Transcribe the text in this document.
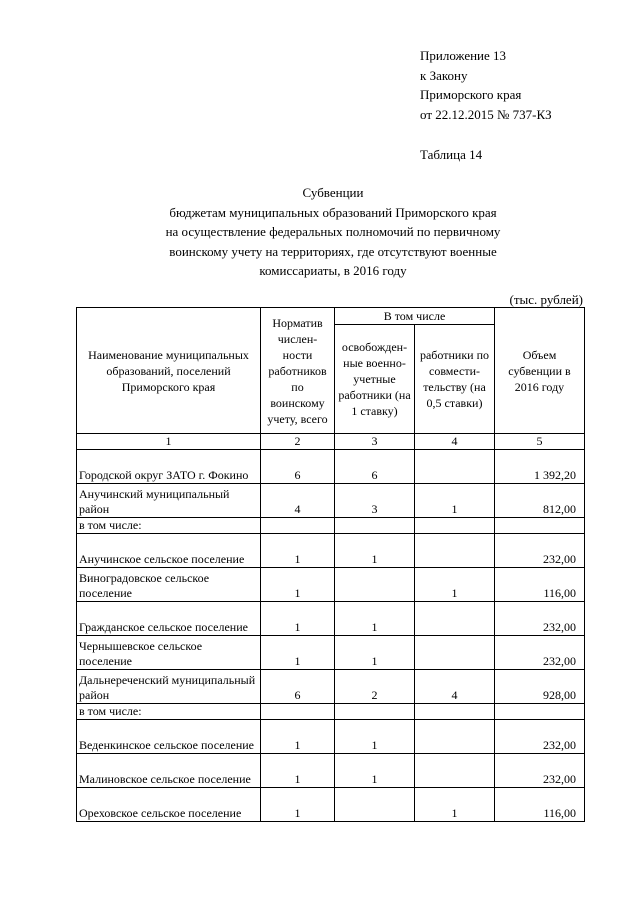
Приложение 13
к Закону
Приморского края
от 22.12.2015 № 737-КЗ
Таблица 14
Субвенции
бюджетам муниципальных образований Приморского края
на осуществление федеральных полномочий по первичному
воинскому учету на территориях, где отсутствуют военные
комиссариаты, в 2016 году
(тыс. рублей)
Наименование муниципальных образований, поселений Приморского края	Норматив числен-ности работников по воинскому учету, всего	В том числе		Объем субвенции в 2016 году
		освобожден-ные военно-учетные работники (на 1 ставку)	работники по совмести-тельству (на 0,5 ставки)	
1	2	3	4	5
Городской округ ЗАТО г. Фокино	6	6		1 392,20
Анучинский муниципальный район	4	3	1	812,00
в том числе:				
Анучинское сельское поселение	1	1		232,00
Виноградовское сельское поселение	1		1	116,00
Гражданское сельское поселение	1	1		232,00
Чернышевское сельское поселение	1	1		232,00
Дальнереченский муниципальный район	6	2	4	928,00
в том числе:				
Веденкинское сельское поселение	1	1		232,00
Малиновское сельское поселение	1	1		232,00
Ореховское сельское поселение	1		1	116,00
